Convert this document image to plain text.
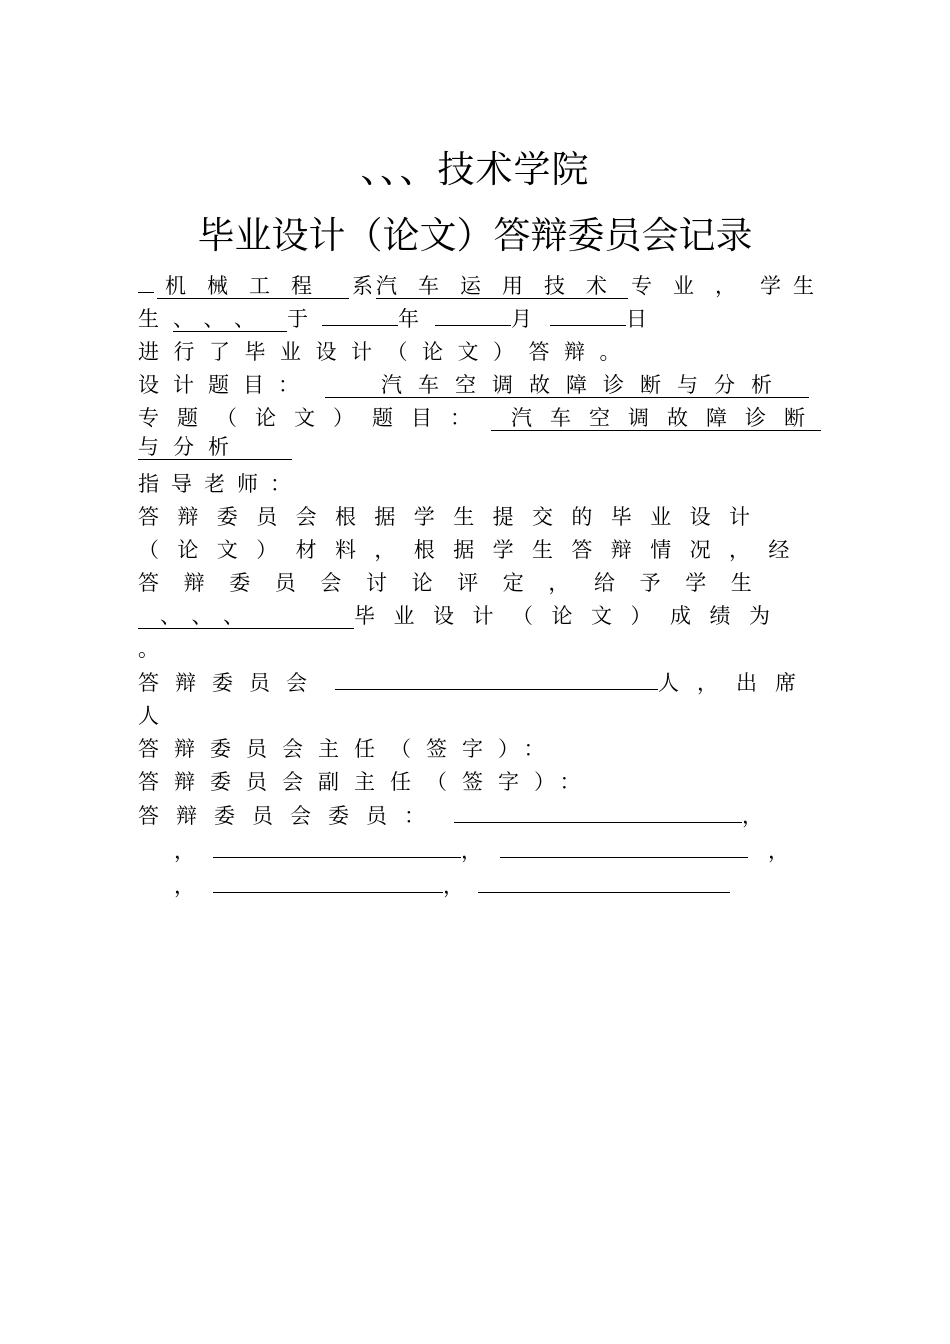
、、、技术学院
毕业设计（论文）答辩委员会记录
机械工程 系 汽车运用技术 专业， 学生
生 、、、 于	年	月	日
进行了毕业设计（论文）答辩。
设计题目：	汽车空调故障诊断与分析
专题（论文）题目：	汽车空调故障诊断
与分析
指导老师：
答辩委员会根据学生提交的毕业设计
（论文）材料，根据学生答辩情况，经
答辩委员会讨论评定，给予学生
、、、	毕业设计（论文）成绩为
。
答辩委员会	人，出席
人
答辩委员会主任（签字）：
答辩委员会副主任（签字）：
答辩委员会委员：	，
，	，	，
，	，
